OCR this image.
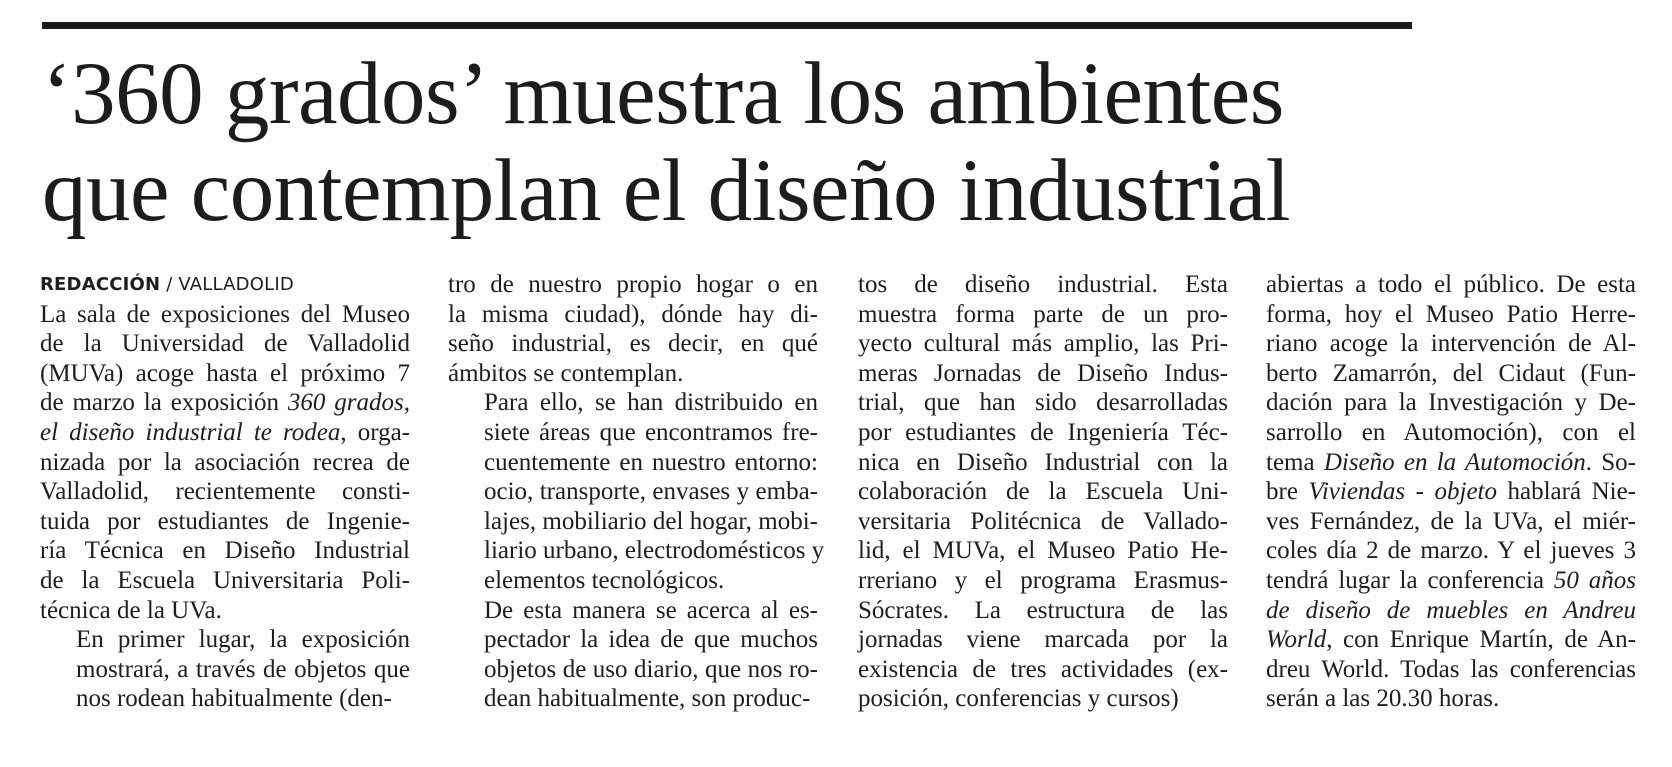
‘360 grados’ muestra los ambientes
que contemplan el diseño industrial
REDACCIÓN / VALLADOLID

La sala de exposiciones del Museo
de la Universidad de Valladolid
(MUVa) acoge hasta el próximo 7
de marzo la exposición 360 grados,
el diseño industrial te rodea, orga-
nizada por la asociación recrea de
Valladolid, recientemente consti-
tuida por estudiantes de Ingenie-
ría Técnica en Diseño Industrial
de la Escuela Universitaria Poli-
técnica de la UVa.

En primer lugar, la exposición
mostrará, a través de objetos que
nos rodean habitualmente (den-

tro de nuestro propio hogar o en
la misma ciudad), dónde hay di-
seño industrial, es decir, en qué
ámbitos se contemplan.

Para ello, se han distribuido en
siete áreas que encontramos fre-
cuentemente en nuestro entorno:
ocio, transporte, envases y emba-
lajes, mobiliario del hogar, mobi-
liario urbano, electrodomésticos y
elementos tecnológicos.

De esta manera se acerca al es-
pectador la idea de que muchos
objetos de uso diario, que nos ro-
dean habitualmente, son produc-

tos de diseño industrial. Esta
muestra forma parte de un pro-
yecto cultural más amplio, las Pri-
meras Jornadas de Diseño Indus-
trial, que han sido desarrolladas
por estudiantes de Ingeniería Téc-
nica en Diseño Industrial con la
colaboración de la Escuela Uni-
versitaria Politécnica de Vallado-
lid, el MUVa, el Museo Patio He-
rreriano y el programa Erasmus-
Sócrates. La estructura de las
jornadas viene marcada por la
existencia de tres actividades (ex-
posición, conferencias y cursos)

abiertas a todo el público. De esta
forma, hoy el Museo Patio Herre-
riano acoge la intervención de Al-
berto Zamarrón, del Cidaut (Fun-
dación para la Investigación y De-
sarrollo en Automoción), con el
tema Diseño en la Automoción. So-
bre Viviendas - objeto hablará Nie-
ves Fernández, de la UVa, el miér-
coles día 2 de marzo. Y el jueves 3
tendrá lugar la conferencia 50 años
de diseño de muebles en Andreu
World, con Enrique Martín, de An-
dreu World. Todas las conferencias
serán a las 20.30 horas.
